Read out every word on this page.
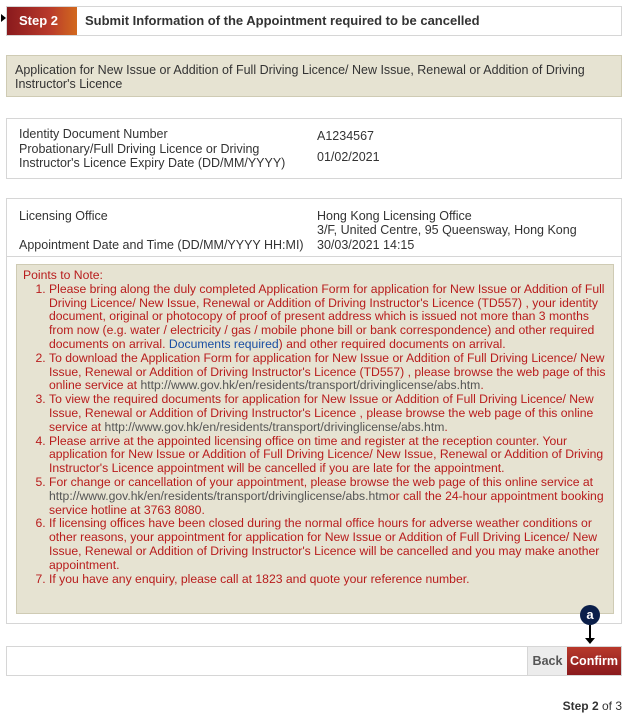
Step 2	Submit Information of the Appointment required to be cancelled
Application for New Issue or Addition of Full Driving Licence/ New Issue, Renewal or Addition of Driving Instructor's Licence
Identity Document Number	A1234567
Probationary/Full Driving Licence or Driving Instructor's Licence Expiry Date (DD/MM/YYYY)	01/02/2021
Licensing Office	Hong Kong Licensing Office
3/F, United Centre, 95 Queensway, Hong Kong
Appointment Date and Time (DD/MM/YYYY HH:MI)	30/03/2021 14:15
Points to Note:
1. Please bring along the duly completed Application Form for application for New Issue or Addition of Full Driving Licence/ New Issue, Renewal or Addition of Driving Instructor's Licence (TD557) , your identity document, original or photocopy of proof of present address which is issued not more than 3 months from now (e.g. water / electricity / gas / mobile phone bill or bank correspondence) and other required documents on arrival. Documents required) and other required documents on arrival.
2. To download the Application Form for application for New Issue or Addition of Full Driving Licence/ New Issue, Renewal or Addition of Driving Instructor's Licence (TD557) , please browse the web page of this online service at http://www.gov.hk/en/residents/transport/drivinglicense/abs.htm.
3. To view the required documents for application for New Issue or Addition of Full Driving Licence/ New Issue, Renewal or Addition of Driving Instructor's Licence , please browse the web page of this online service at http://www.gov.hk/en/residents/transport/drivinglicense/abs.htm.
4. Please arrive at the appointed licensing office on time and register at the reception counter. Your application for New Issue or Addition of Full Driving Licence/ New Issue, Renewal or Addition of Driving Instructor's Licence appointment will be cancelled if you are late for the appointment.
5. For change or cancellation of your appointment, please browse the web page of this online service at http://www.gov.hk/en/residents/transport/drivinglicense/abs.htmor call the 24-hour appointment booking service hotline at 3763 8080.
6. If licensing offices have been closed during the normal office hours for adverse weather conditions or other reasons, your appointment for application for New Issue or Addition of Full Driving Licence/ New Issue, Renewal or Addition of Driving Instructor's Licence will be cancelled and you may make another appointment.
7. If you have any enquiry, please call at 1823 and quote your reference number.
a
Back Confirm
Step 2 of 3
